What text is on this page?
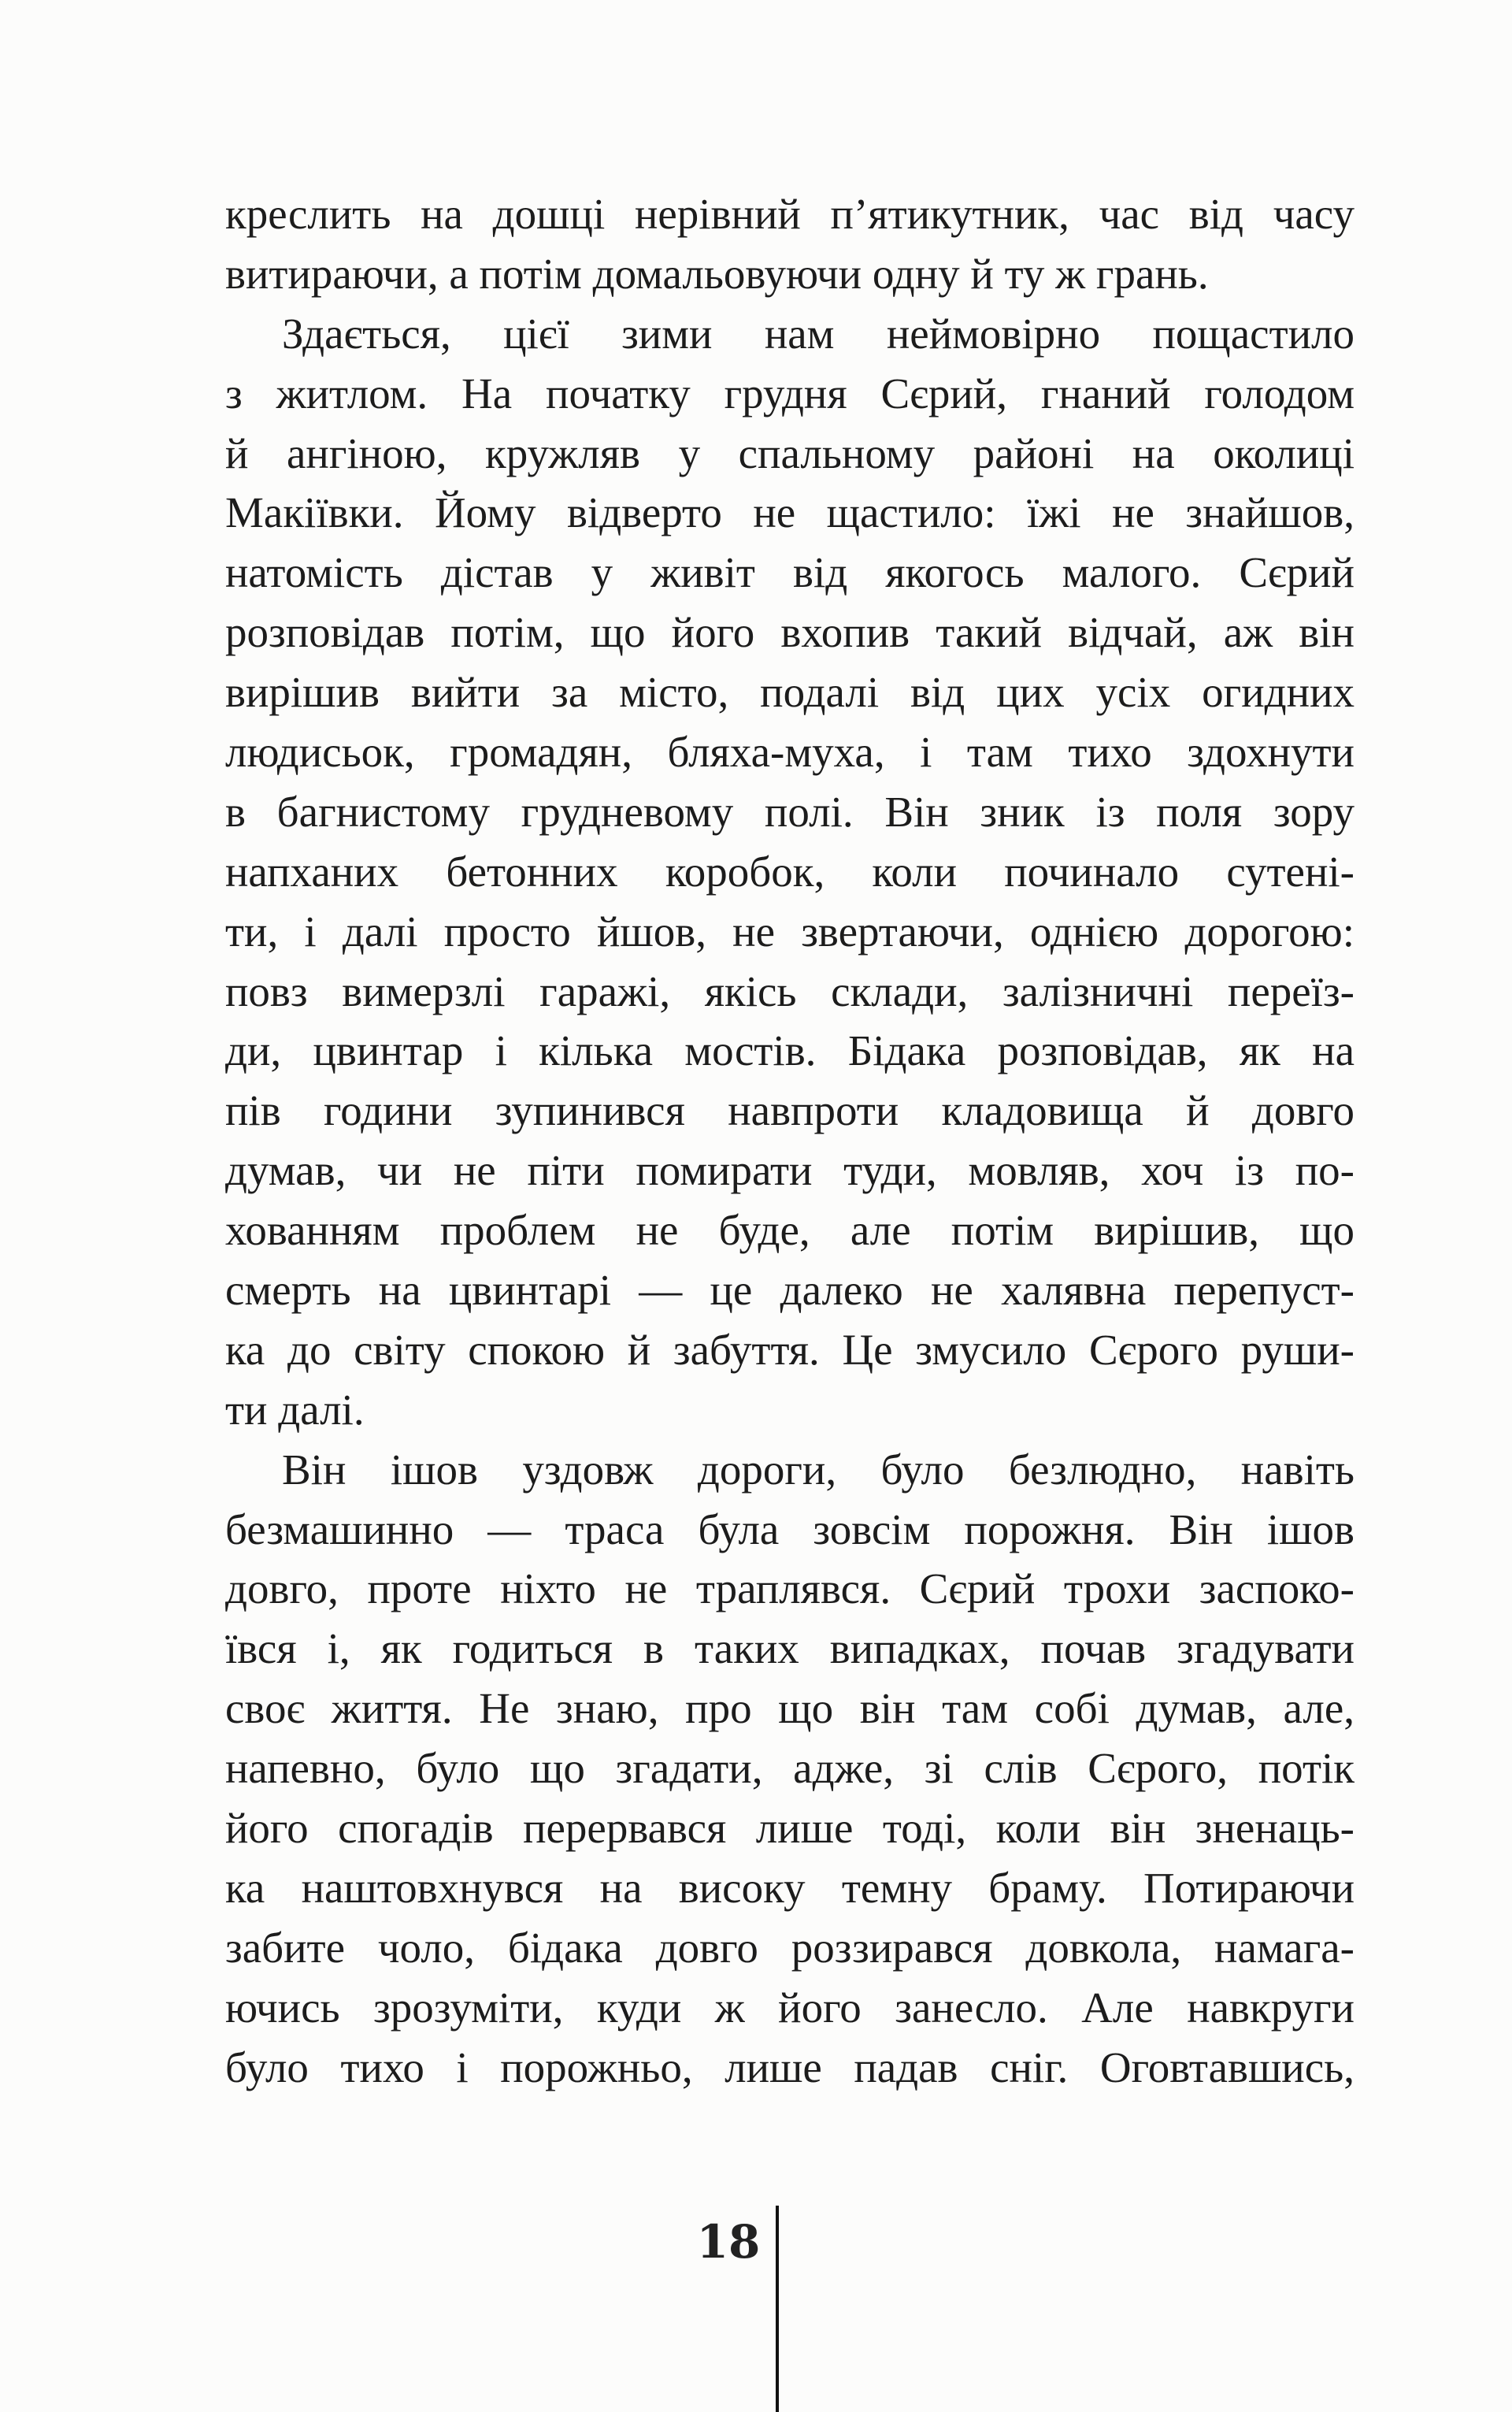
креслить на дошці нерівний п’ятикутник, час від часу
витираючи, а потім домальовуючи одну й ту ж грань.
Здається, цієї зими нам неймовірно пощастило
з житлом. На початку грудня Сєрий, гнаний голодом
й ангіною, кружляв у спальному районі на околиці
Макіївки. Йому відверто не щастило: їжі не знайшов,
натомість дістав у живіт від якогось малого. Сєрий
розповідав потім, що його вхопив такий відчай, аж він
вирішив вийти за місто, подалі від цих усіх огидних
людисьок, громадян, бляха-муха, і там тихо здохнути
в багнистому грудневому полі. Він зник із поля зору
напханих бетонних коробок, коли починало сутені-
ти, і далі просто йшов, не звертаючи, однією дорогою:
повз вимерзлі гаражі, якісь склади, залізничні переїз-
ди, цвинтар і кілька мостів. Бідака розповідав, як на
пів години зупинився навпроти кладовища й довго
думав, чи не піти помирати туди, мовляв, хоч із по-
хованням проблем не буде, але потім вирішив, що
смерть на цвинтарі — це далеко не халявна перепуст-
ка до світу спокою й забуття. Це змусило Сєрого руши-
ти далі.
Він ішов уздовж дороги, було безлюдно, навіть
безмашинно — траса була зовсім порожня. Він ішов
довго, проте ніхто не траплявся. Сєрий трохи заспоко-
ївся і, як годиться в таких випадках, почав згадувати
своє життя. Не знаю, про що він там собі думав, але,
напевно, було що згадати, адже, зі слів Сєрого, потік
його спогадів перервався лише тоді, коли він зненаць-
ка наштовхнувся на високу темну браму. Потираючи
забите чоло, бідака довго роззирався довкола, намага-
ючись зрозуміти, куди ж його занесло. Але навкруги
було тихо і порожньо, лише падав сніг. Оговтавшись,
18
